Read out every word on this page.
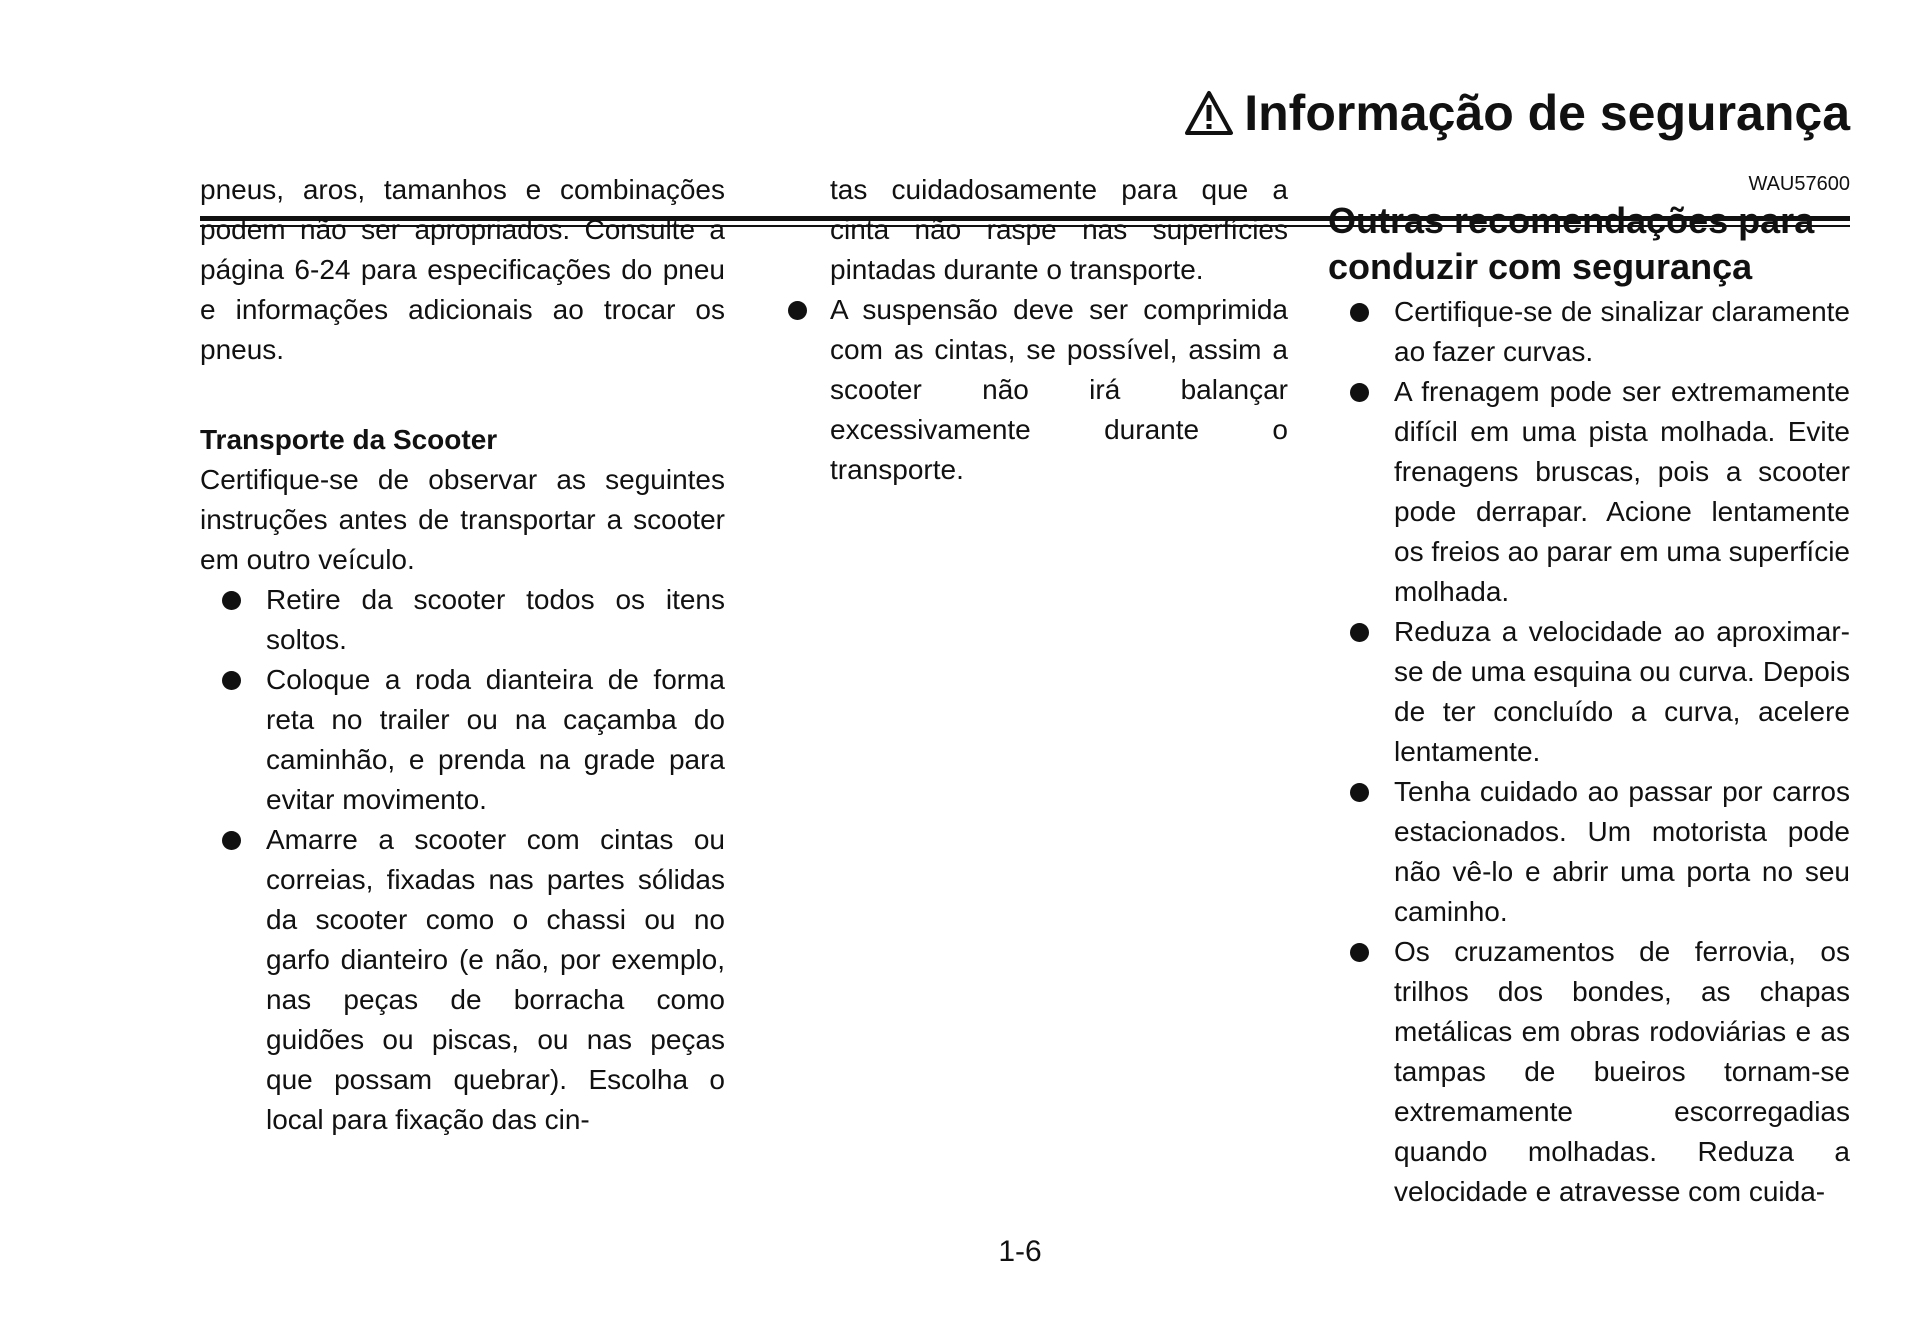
Informação de segurança

pneus, aros, tamanhos e combinações podem não ser apropriados. Consulte a página 6-24 para especificações do pneu e informações adicionais ao trocar os pneus.

Transporte da Scooter

Certifique-se de observar as seguintes instruções antes de transportar a scooter em outro veículo.

Retire da scooter todos os itens soltos.
Coloque a roda dianteira de forma reta no trailer ou na caçamba do caminhão, e prenda na grade para evitar movimento.
Amarre a scooter com cintas ou correias, fixadas nas partes sólidas da scooter como o chassi ou no garfo dianteiro (e não, por exemplo, nas peças de borracha como guidões ou piscas, ou nas peças que possam quebrar). Escolha o local para fixação das cin-

tas cuidadosamente para que a cinta não raspe nas superfícies pintadas durante o transporte.

A suspensão deve ser comprimida com as cintas, se possível, assim a scooter não irá balançar excessivamente durante o transporte.

WAU57600

Outras recomendações para conduzir com segurança

Certifique-se de sinalizar claramente ao fazer curvas.
A frenagem pode ser extremamente difícil em uma pista molhada. Evite frenagens bruscas, pois a scooter pode derrapar. Acione lentamente os freios ao parar em uma superfície molhada.
Reduza a velocidade ao aproximar-se de uma esquina ou curva. Depois de ter concluído a curva, acelere lentamente.
Tenha cuidado ao passar por carros estacionados. Um motorista pode não vê-lo e abrir uma porta no seu caminho.
Os cruzamentos de ferrovia, os trilhos dos bondes, as chapas metálicas em obras rodoviárias e as tampas de bueiros tornam-se extremamente escorregadias quando molhadas. Reduza a velocidade e atravesse com cuida-
1-6
